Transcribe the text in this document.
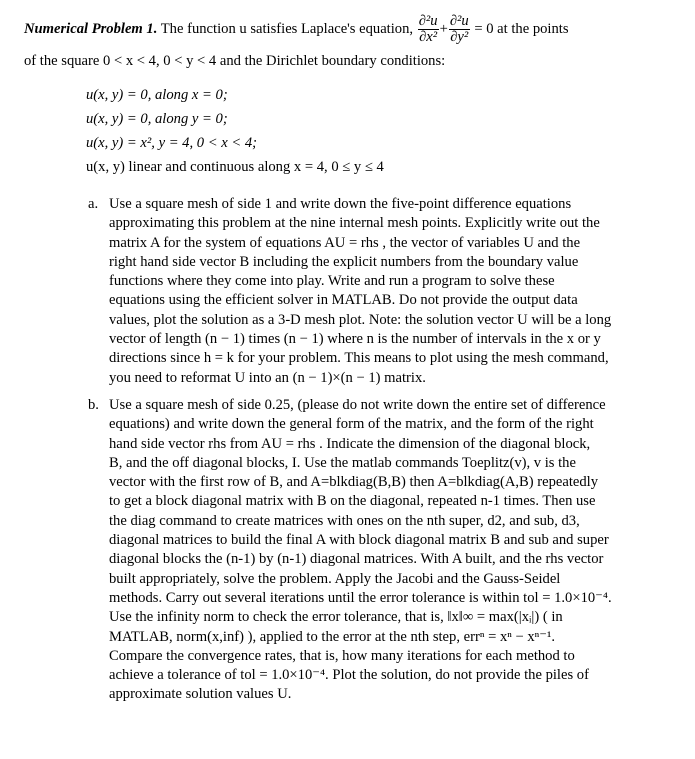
Numerical Problem 1. The function u satisfies Laplace's equation, $\frac{\text{∂²u}}{\text{∂x²}} + \frac{\text{∂²u}}{\text{∂y²}} = 0$ at the points
of the square 0 < x < 4, 0 < y < 4 and the Dirichlet boundary conditions:
u(x, y) = 0, along x = 0;
u(x, y) = 0, along y = 0;
u(x, y) = x², y = 4, 0 < x < 4;
u(x, y) linear and continuous along x = 4, 0 ≤ y ≤ 4
a. Use a square mesh of side 1 and write down the five-point difference equations
approximating this problem at the nine internal mesh points. Explicitly write out the
matrix A for the system of equations AU = rhs , the vector of variables U and the
right hand side vector B including the explicit numbers from the boundary value
functions where they come into play. Write and run a program to solve these
equations using the efficient solver in MATLAB. Do not provide the output data
values, plot the solution as a 3-D mesh plot. Note: the solution vector U will be a long
vector of length (n − 1) times (n − 1) where n is the number of intervals in the x or y
directions since h = k for your problem. This means to plot using the mesh command,
you need to reformat U into an (n − 1)×(n − 1) matrix.
b. Use a square mesh of side 0.25, (please do not write down the entire set of difference
equations) and write down the general form of the matrix, and the form of the right
hand side vector rhs from AU = rhs . Indicate the dimension of the diagonal block,
B, and the off diagonal blocks, I. Use the matlab commands Toeplitz(v), v is the
vector with the first row of B, and A=blkdiag(B,B) then A=blkdiag(A,B) repeatedly
to get a block diagonal matrix with B on the diagonal, repeated n-1 times. Then use
the diag command to create matrices with ones on the nth super, d2, and sub, d3,
diagonal matrices to build the final A with block diagonal matrix B and sub and super
diagonal blocks the (n-1) by (n-1) diagonal matrices. With A built, and the rhs vector
built appropriately, solve the problem. Apply the Jacobi and the Gauss-Seidel
methods. Carry out several iterations until the error tolerance is within tol = 1.0×10⁻⁴.
Use the infinity norm to check the error tolerance, that is, ‖x‖∞ = max(|xᵢ|) ( in
MATLAB, norm(x,inf) ), applied to the error at the nth step, errⁿ = xⁿ − xⁿ⁻¹.
Compare the convergence rates, that is, how many iterations for each method to
achieve a tolerance of tol = 1.0×10⁻⁴. Plot the solution, do not provide the piles of
approximate solution values U.
